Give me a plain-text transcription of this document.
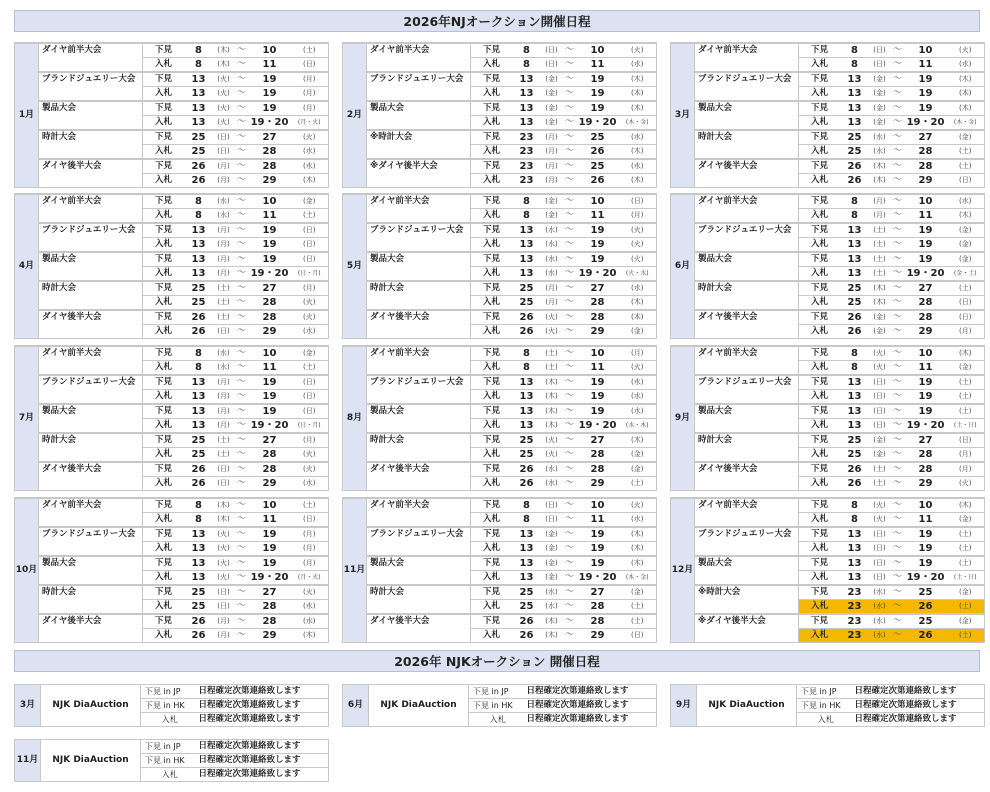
2026年NJオークション開催日程
1月	ダイヤ前半大会	下見	8	(木)	～	10	(土)
		入札	8	(木)	～	11	(日)
	ブランドジュエリー大会	下見	13	(火)	～	19	(月)
		入札	13	(火)	～	19	(月)
	製品大会	下見	13	(火)	～	19	(月)
		入札	13	(火)	～	19・20	(月・火)
	時計大会	下見	25	(日)	～	27	(火)
		入札	25	(日)	～	28	(水)
	ダイヤ後半大会	下見	26	(月)	～	28	(水)
		入札	26	(月)	～	29	(木)
2月	ダイヤ前半大会	下見	8	(日)	～	10	(火)
		入札	8	(日)	～	11	(水)
	ブランドジュエリー大会	下見	13	(金)	～	19	(木)
		入札	13	(金)	～	19	(木)
	製品大会	下見	13	(金)	～	19	(木)
		入札	13	(金)	～	19・20	(木・金)
	※時計大会	下見	23	(月)	～	25	(水)
		入札	23	(月)	～	26	(木)
	※ダイヤ後半大会	下見	23	(月)	～	25	(水)
		入札	23	(月)	～	26	(木)
3月	ダイヤ前半大会	下見	8	(日)	～	10	(火)
		入札	8	(日)	～	11	(水)
	ブランドジュエリー大会	下見	13	(金)	～	19	(木)
		入札	13	(金)	～	19	(木)
	製品大会	下見	13	(金)	～	19	(木)
		入札	13	(金)	～	19・20	(木・金)
	時計大会	下見	25	(水)	～	27	(金)
		入札	25	(水)	～	28	(土)
	ダイヤ後半大会	下見	26	(木)	～	28	(土)
		入札	26	(木)	～	29	(日)
4月	ダイヤ前半大会	下見	8	(水)	～	10	(金)
		入札	8	(水)	～	11	(土)
	ブランドジュエリー大会	下見	13	(月)	～	19	(日)
		入札	13	(月)	～	19	(日)
	製品大会	下見	13	(月)	～	19	(日)
		入札	13	(月)	～	19・20	(日・月)
	時計大会	下見	25	(土)	～	27	(月)
		入札	25	(土)	～	28	(火)
	ダイヤ後半大会	下見	26	(土)	～	28	(火)
		入札	26	(日)	～	29	(水)
5月	ダイヤ前半大会	下見	8	(金)	～	10	(日)
		入札	8	(金)	～	11	(月)
	ブランドジュエリー大会	下見	13	(水)	～	19	(火)
		入札	13	(水)	～	19	(火)
	製品大会	下見	13	(水)	～	19	(火)
		入札	13	(水)	～	19・20	(火・水)
	時計大会	下見	25	(月)	～	27	(水)
		入札	25	(月)	～	28	(木)
	ダイヤ後半大会	下見	26	(火)	～	28	(木)
		入札	26	(火)	～	29	(金)
6月	ダイヤ前半大会	下見	8	(月)	～	10	(水)
		入札	8	(月)	～	11	(木)
	ブランドジュエリー大会	下見	13	(土)	～	19	(金)
		入札	13	(土)	～	19	(金)
	製品大会	下見	13	(土)	～	19	(金)
		入札	13	(土)	～	19・20	(金・土)
	時計大会	下見	25	(木)	～	27	(土)
		入札	25	(木)	～	28	(日)
	ダイヤ後半大会	下見	26	(金)	～	28	(日)
		入札	26	(金)	～	29	(月)
7月	ダイヤ前半大会	下見	8	(水)	～	10	(金)
		入札	8	(水)	～	11	(土)
	ブランドジュエリー大会	下見	13	(月)	～	19	(日)
		入札	13	(月)	～	19	(日)
	製品大会	下見	13	(月)	～	19	(日)
		入札	13	(月)	～	19・20	(日・月)
	時計大会	下見	25	(土)	～	27	(月)
		入札	25	(土)	～	28	(火)
	ダイヤ後半大会	下見	26	(日)	～	28	(火)
		入札	26	(日)	～	29	(水)
8月	ダイヤ前半大会	下見	8	(土)	～	10	(月)
		入札	8	(土)	～	11	(火)
	ブランドジュエリー大会	下見	13	(木)	～	19	(水)
		入札	13	(木)	～	19	(水)
	製品大会	下見	13	(木)	～	19	(水)
		入札	13	(木)	～	19・20	(水・木)
	時計大会	下見	25	(火)	～	27	(木)
		入札	25	(火)	～	28	(金)
	ダイヤ後半大会	下見	26	(水)	～	28	(金)
		入札	26	(水)	～	29	(土)
9月	ダイヤ前半大会	下見	8	(火)	～	10	(木)
		入札	8	(火)	～	11	(金)
	ブランドジュエリー大会	下見	13	(日)	～	19	(土)
		入札	13	(日)	～	19	(土)
	製品大会	下見	13	(日)	～	19	(土)
		入札	13	(日)	～	19・20	(土・日)
	時計大会	下見	25	(金)	～	27	(日)
		入札	25	(金)	～	28	(月)
	ダイヤ後半大会	下見	26	(土)	～	28	(月)
		入札	26	(土)	～	29	(火)
10月	ダイヤ前半大会	下見	8	(木)	～	10	(土)
		入札	8	(木)	～	11	(日)
	ブランドジュエリー大会	下見	13	(火)	～	19	(月)
		入札	13	(火)	～	19	(月)
	製品大会	下見	13	(火)	～	19	(月)
		入札	13	(火)	～	19・20	(月・火)
	時計大会	下見	25	(日)	～	27	(火)
		入札	25	(日)	～	28	(水)
	ダイヤ後半大会	下見	26	(月)	～	28	(水)
		入札	26	(月)	～	29	(木)
11月	ダイヤ前半大会	下見	8	(日)	～	10	(火)
		入札	8	(日)	～	11	(水)
	ブランドジュエリー大会	下見	13	(金)	～	19	(木)
		入札	13	(金)	～	19	(木)
	製品大会	下見	13	(金)	～	19	(木)
		入札	13	(金)	～	19・20	(木・金)
	時計大会	下見	25	(水)	～	27	(金)
		入札	25	(水)	～	28	(土)
	ダイヤ後半大会	下見	26	(木)	～	28	(土)
		入札	26	(木)	～	29	(日)
12月	ダイヤ前半大会	下見	8	(火)	～	10	(木)
		入札	8	(火)	～	11	(金)
	ブランドジュエリー大会	下見	13	(日)	～	19	(土)
		入札	13	(日)	～	19	(土)
	製品大会	下見	13	(日)	～	19	(土)
		入札	13	(日)	～	19・20	(土・日)
	※時計大会	下見	23	(水)	～	25	(金)
		入札	23	(水)	～	26	(土)
	※ダイヤ後半大会	下見	23	(水)	～	25	(金)
		入札	23	(水)	～	26	(土)
2026年 NJKオークション 開催日程
3月	NJK DiaAuction	下見 in JP	日程確定次第連絡致します
		下見 in HK	日程確定次第連絡致します
		入札	日程確定次第連絡致します
6月	NJK DiaAuction	下見 in JP	日程確定次第連絡致します
		下見 in HK	日程確定次第連絡致します
		入札	日程確定次第連絡致します
9月	NJK DiaAuction	下見 in JP	日程確定次第連絡致します
		下見 in HK	日程確定次第連絡致します
		入札	日程確定次第連絡致します
11月	NJK DiaAuction	下見 in JP	日程確定次第連絡致します
		下見 in HK	日程確定次第連絡致します
		入札	日程確定次第連絡致します
